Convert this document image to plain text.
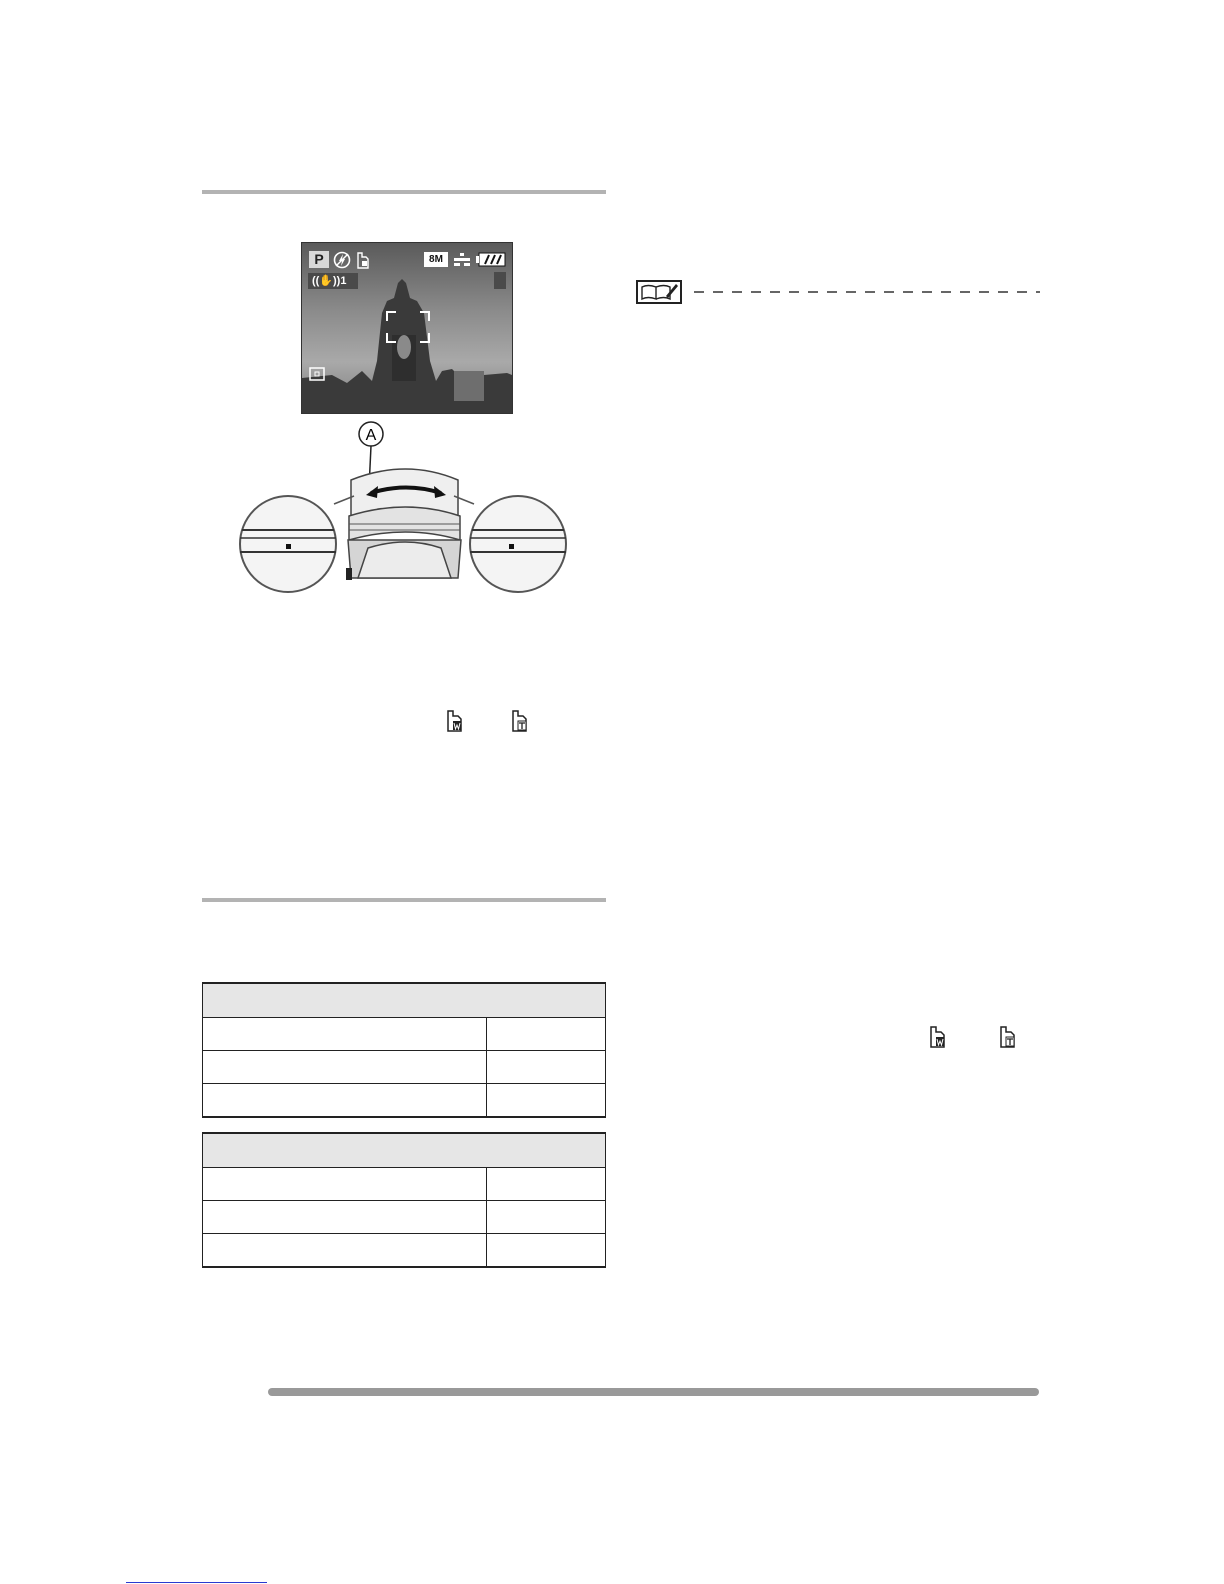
P	8M
((✋))1
A
